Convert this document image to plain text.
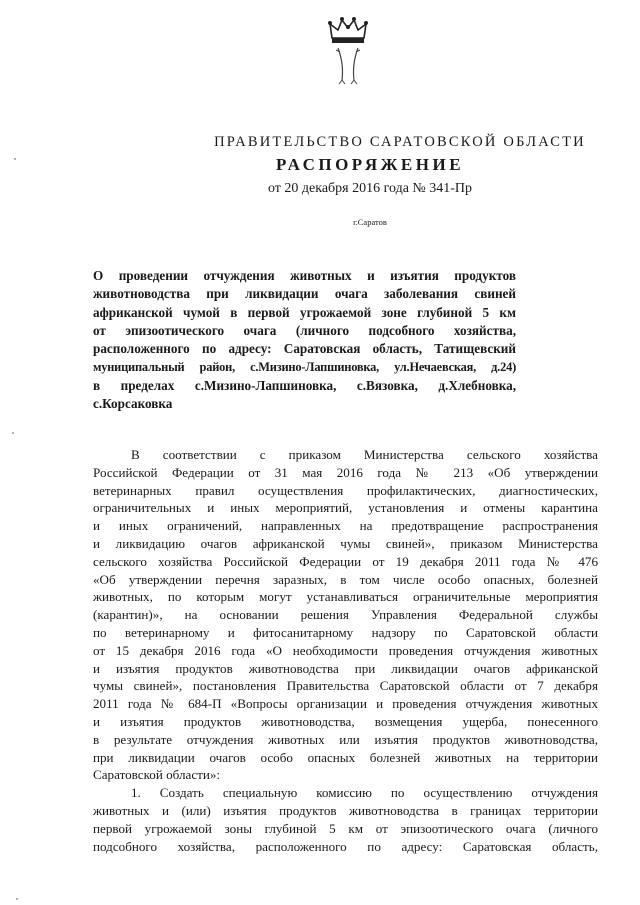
ПРАВИТЕЛЬСТВО САРАТОВСКОЙ ОБЛАСТИ
РАСПОРЯЖЕНИЕ
от 20 декабря 2016 года № 341-Пр
г.Саратов
О проведении отчуждения животных и изъятия продуктов
животноводства при ликвидации очага заболевания свиней
африканской чумой в первой угрожаемой зоне глубиной 5 км
от эпизоотического очага (личного подсобного хозяйства,
расположенного по адресу: Саратовская область, Татищевский
муниципальный район, с.Мизино-Лапшиновка, ул.Нечаевская, д.24)
в пределах с.Мизино-Лапшиновка, с.Вязовка, д.Хлебновка,
с.Корсаковка
В соответствии с приказом Министерства сельского хозяйства
Российской Федерации от 31 мая 2016 года № 213 «Об утверждении
ветеринарных правил осуществления профилактических, диагностических,
ограничительных и иных мероприятий, установления и отмены карантина
и иных ограничений, направленных на предотвращение распространения
и ликвидацию очагов африканской чумы свиней», приказом Министерства
сельского хозяйства Российской Федерации от 19 декабря 2011 года № 476
«Об утверждении перечня заразных, в том числе особо опасных, болезней
животных, по которым могут устанавливаться ограничительные мероприятия
(карантин)», на основании решения Управления Федеральной службы
по ветеринарному и фитосанитарному надзору по Саратовской области
от 15 декабря 2016 года «О необходимости проведения отчуждения животных
и изъятия продуктов животноводства при ликвидации очагов африканской
чумы свиней», постановления Правительства Саратовской области от 7 декабря
2011 года № 684-П «Вопросы организации и проведения отчуждения животных
и изъятия продуктов животноводства, возмещения ущерба, понесенного
в результате отчуждения животных или изъятия продуктов животноводства,
при ликвидации очагов особо опасных болезней животных на территории
Саратовской области»:
1. Создать специальную комиссию по осуществлению отчуждения
животных и (или) изъятия продуктов животноводства в границах территории
первой угрожаемой зоны глубиной 5 км от эпизоотического очага (личного
подсобного хозяйства, расположенного по адресу: Саратовская область,
